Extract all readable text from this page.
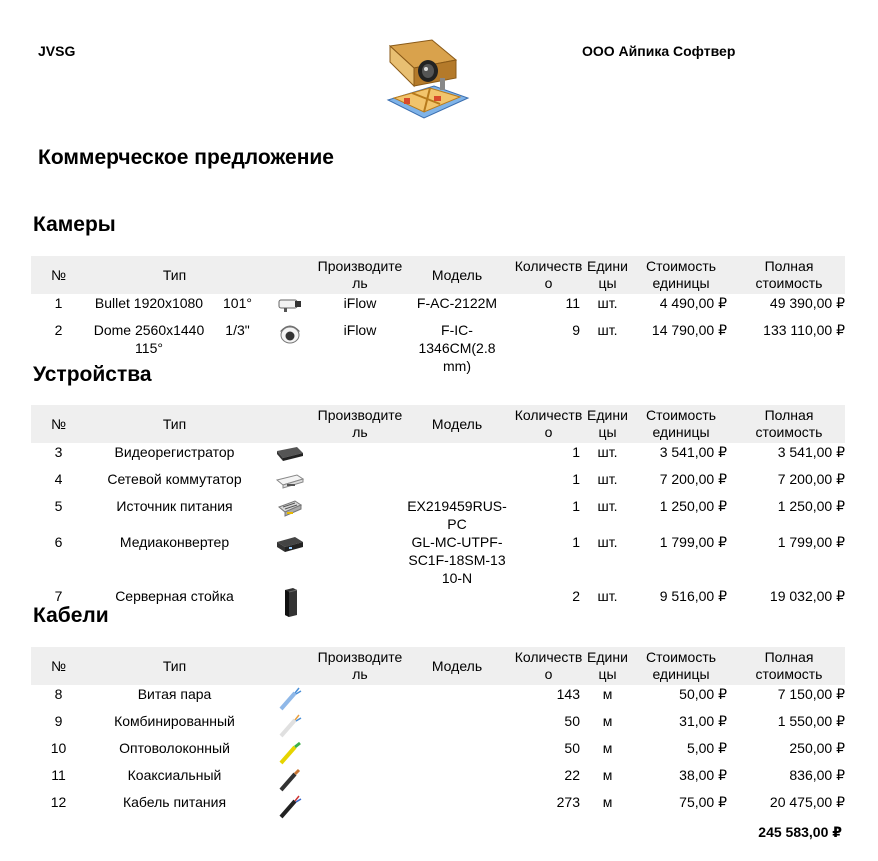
JVSG	ООО Айпика Софтвер
Коммерческое предложение
Камеры
№	Тип			Производитель	Модель	Количество	Единицы	Стоимость единицы	Полная стоимость
1	Bullet 1920x1080	101°		iFlow	F-AC-2122M	11	шт.	4 490,00 ₽	49 390,00 ₽
2	Dome 2560x1440 115°	1/3"		iFlow	F-IC-1346CM(2.8 mm)	9	шт.	14 790,00 ₽	133 110,00 ₽
Устройства
№	Тип		Производитель	Модель	Количество	Единицы	Стоимость единицы	Полная стоимость
3	Видеорегистратор				1	шт.	3 541,00 ₽	3 541,00 ₽
4	Сетевой коммутатор				1	шт.	7 200,00 ₽	7 200,00 ₽
5	Источник питания			EX219459RUS-PC	1	шт.	1 250,00 ₽	1 250,00 ₽
6	Медиаконвертер			GL-MC-UTPF-SC1F-18SM-1310-N	1	шт.	1 799,00 ₽	1 799,00 ₽
7	Серверная стойка				2	шт.	9 516,00 ₽	19 032,00 ₽
Кабели
№	Тип		Производитель	Модель	Количество	Единицы	Стоимость единицы	Полная стоимость
8	Витая пара				143	м	50,00 ₽	7 150,00 ₽
9	Комбинированный				50	м	31,00 ₽	1 550,00 ₽
10	Оптоволоконный				50	м	5,00 ₽	250,00 ₽
11	Коаксиальный				22	м	38,00 ₽	836,00 ₽
12	Кабель питания				273	м	75,00 ₽	20 475,00 ₽
245 583,00 ₽
